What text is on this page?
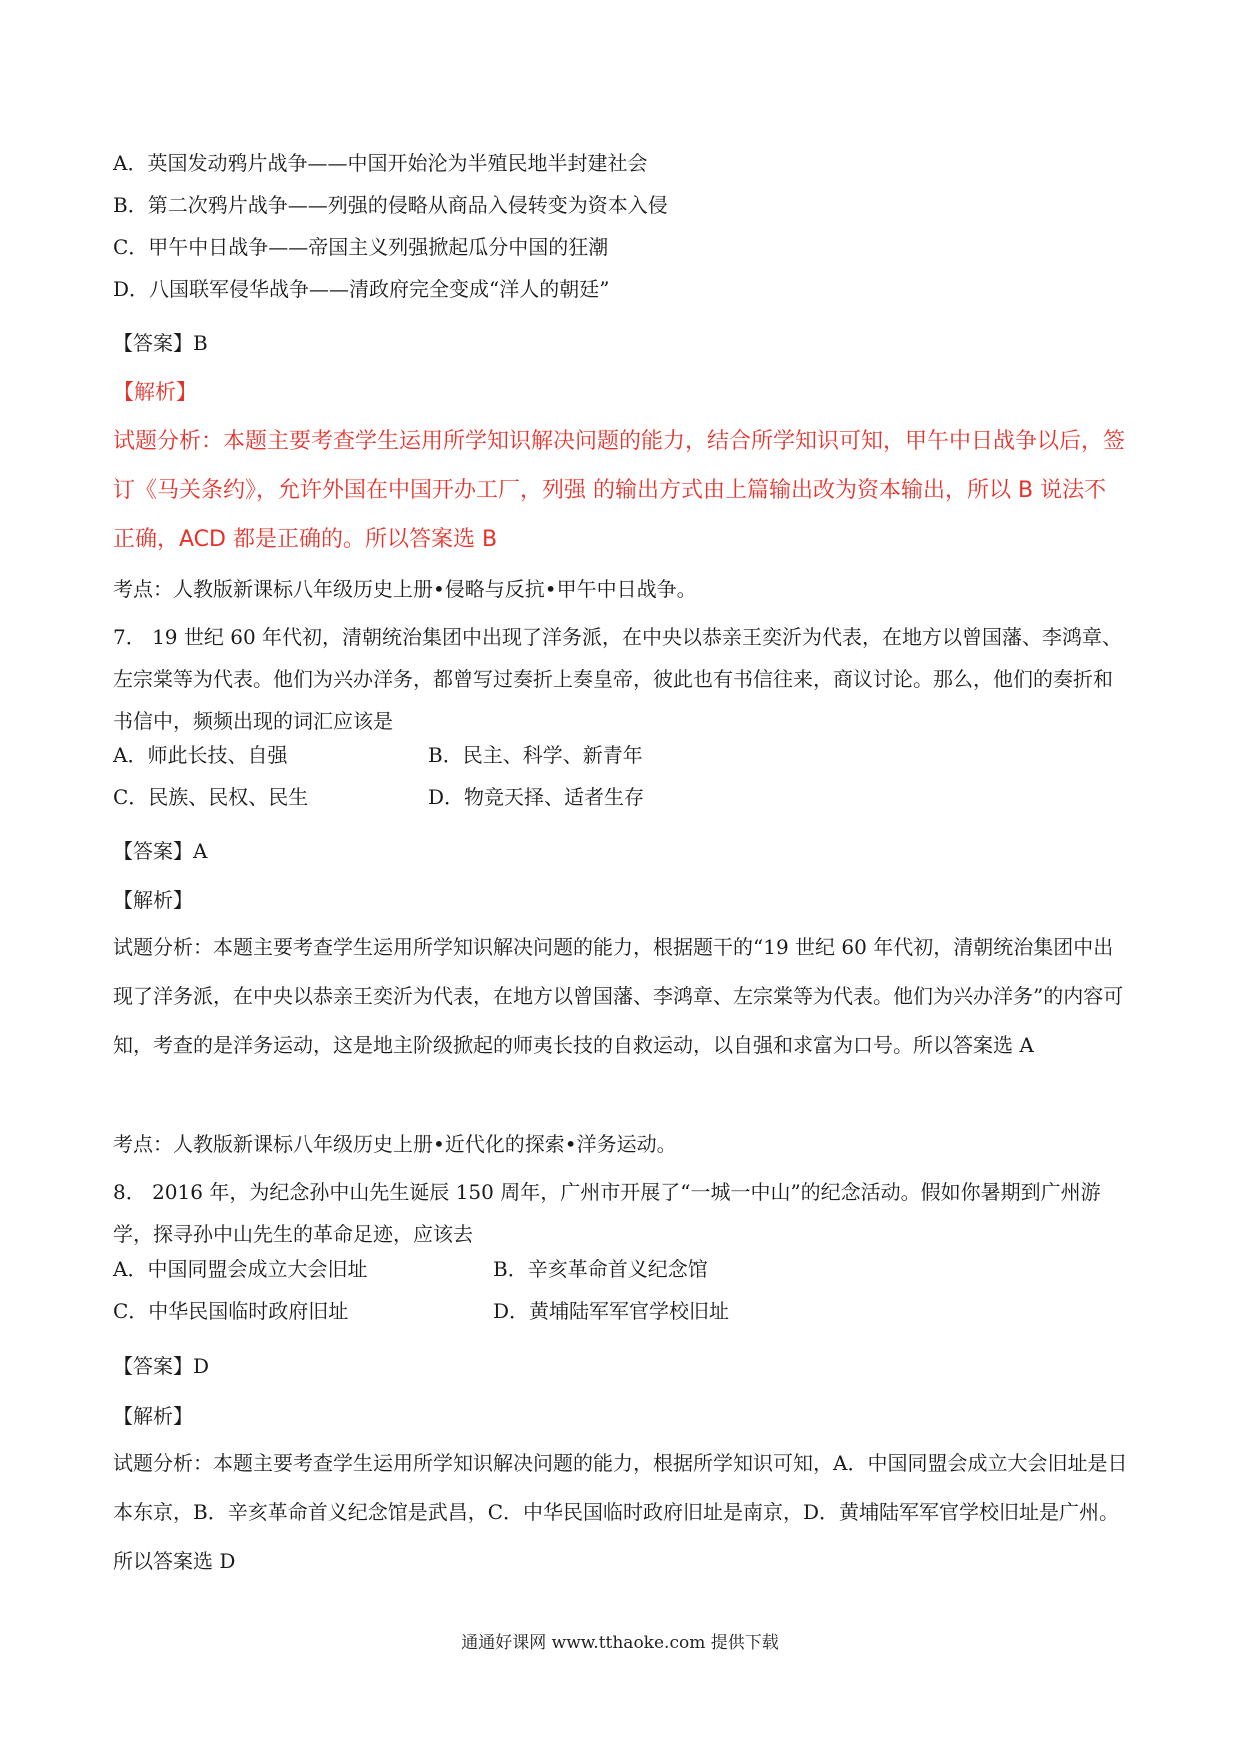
A．英国发动鸦片战争——中国开始沦为半殖民地半封建社会
B．第二次鸦片战争——列强的侵略从商品入侵转变为资本入侵
C．甲午中日战争——帝国主义列强掀起瓜分中国的狂潮
D．八国联军侵华战争——清政府完全变成“洋人的朝廷”
【答案】B
【解析】
试题分析：本题主要考查学生运用所学知识解决问题的能力，结合所学知识可知，甲午中日战争以后，签订《马关条约》，允许外国在中国开办工厂，列强 的输出方式由上篇输出改为资本输出，所以 B 说法不正确，ACD 都是正确的。所以答案选 B
考点：人教版新课标八年级历史上册•侵略与反抗•甲午中日战争。
7． 19 世纪 60 年代初，清朝统治集团中出现了洋务派，在中央以恭亲王奕沂为代表，在地方以曾国藩、李鸿章、左宗棠等为代表。他们为兴办洋务，都曾写过奏折上奏皇帝，彼此也有书信往来，商议讨论。那么，他们的奏折和书信中，频频出现的词汇应该是
A．师此长技、自强	B．民主、科学、新青年
C．民族、民权、民生	D．物竞天择、适者生存
【答案】A
【解析】
试题分析：本题主要考查学生运用所学知识解决问题的能力，根据题干的“19 世纪 60 年代初，清朝统治集团中出现了洋务派，在中央以恭亲王奕沂为代表，在地方以曾国藩、李鸿章、左宗棠等为代表。他们为兴办洋务”的内容可知，考查的是洋务运动，这是地主阶级掀起的师夷长技的自救运动，以自强和求富为口号。所以答案选 A
考点：人教版新课标八年级历史上册•近代化的探索•洋务运动。
8． 2016 年，为纪念孙中山先生诞辰 150 周年，广州市开展了“一城一中山”的纪念活动。假如你暑期到广州游学，探寻孙中山先生的革命足迹，应该去
A．中国同盟会成立大会旧址	B．辛亥革命首义纪念馆
C．中华民国临时政府旧址	D．黄埔陆军军官学校旧址
【答案】D
【解析】
试题分析：本题主要考查学生运用所学知识解决问题的能力，根据所学知识可知，A．中国同盟会成立大会旧址是日本东京，B．辛亥革命首义纪念馆是武昌，C．中华民国临时政府旧址是南京，D．黄埔陆军军官学校旧址是广州。所以答案选 D
通通好课网 www.tthaoke.com 提供下载
